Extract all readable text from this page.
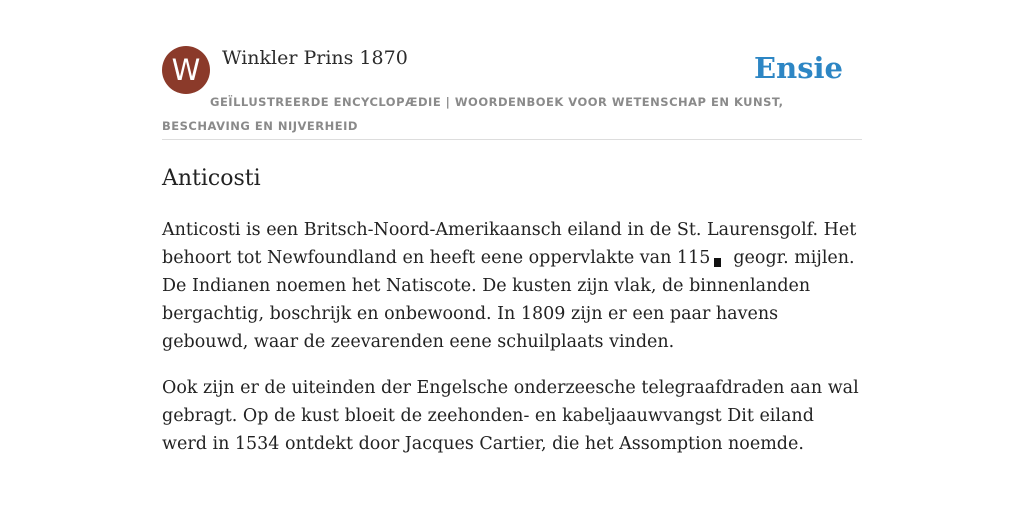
W	Winkler Prins 1870	Ensie
GEÏLLUSTREERDE ENCYCLOPÆDIE | WOORDENBOEK VOOR WETENSCHAP EN KUNST, BESCHAVING EN NIJVERHEID
Anticosti

Anticosti is een Britsch-Noord-Amerikaansch eiland in de St. Laurensgolf. Het behoort tot Newfoundland en heeft eene oppervlakte van 115 geogr. mijlen. De Indianen noemen het Natiscote. De kusten zijn vlak, de binnenlanden bergachtig, boschrijk en onbewoond. In 1809 zijn er een paar havens gebouwd, waar de zeevarenden eene schuilplaats vinden.

Ook zijn er de uiteinden der Engelsche onderzeesche telegraafdraden aan wal gebragt. Op de kust bloeit de zeehonden- en kabeljaauwvangst Dit eiland werd in 1534 ontdekt door Jacques Cartier, die het Assomption noemde.
